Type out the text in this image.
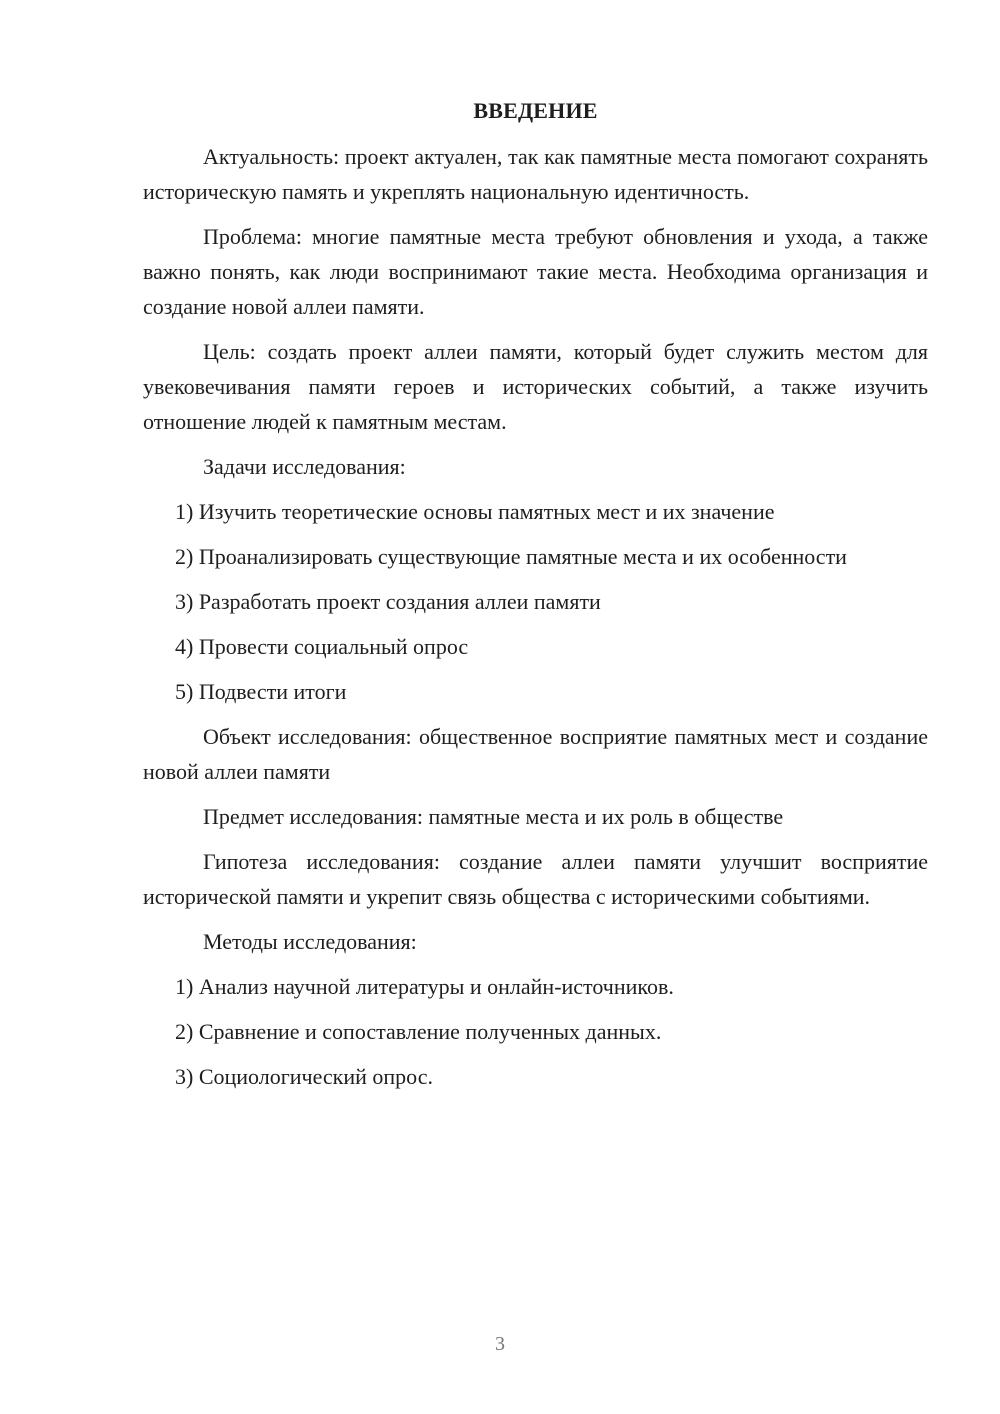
ВВЕДЕНИЕ

Актуальность: проект актуален, так как памятные места помогают сохранять историческую память и укреплять национальную идентичность.

Проблема: многие памятные места требуют обновления и ухода, а также важно понять, как люди воспринимают такие места. Необходима организация и создание новой аллеи памяти.

Цель: создать проект аллеи памяти, который будет служить местом для увековечивания памяти героев и исторических событий, а также изучить отношение людей к памятным местам.

Задачи исследования:

1) Изучить теоретические основы памятных мест и их значение

2) Проанализировать существующие памятные места и их особенности

3) Разработать проект создания аллеи памяти

4) Провести социальный опрос

5) Подвести итоги

Объект исследования: общественное восприятие памятных мест и создание новой аллеи памяти

Предмет исследования: памятные места и их роль в обществе

Гипотеза исследования: создание аллеи памяти улучшит восприятие исторической памяти и укрепит связь общества с историческими событиями.

Методы исследования:

1) Анализ научной литературы и онлайн-источников.

2) Сравнение и сопоставление полученных данных.

3) Социологический опрос.

3
